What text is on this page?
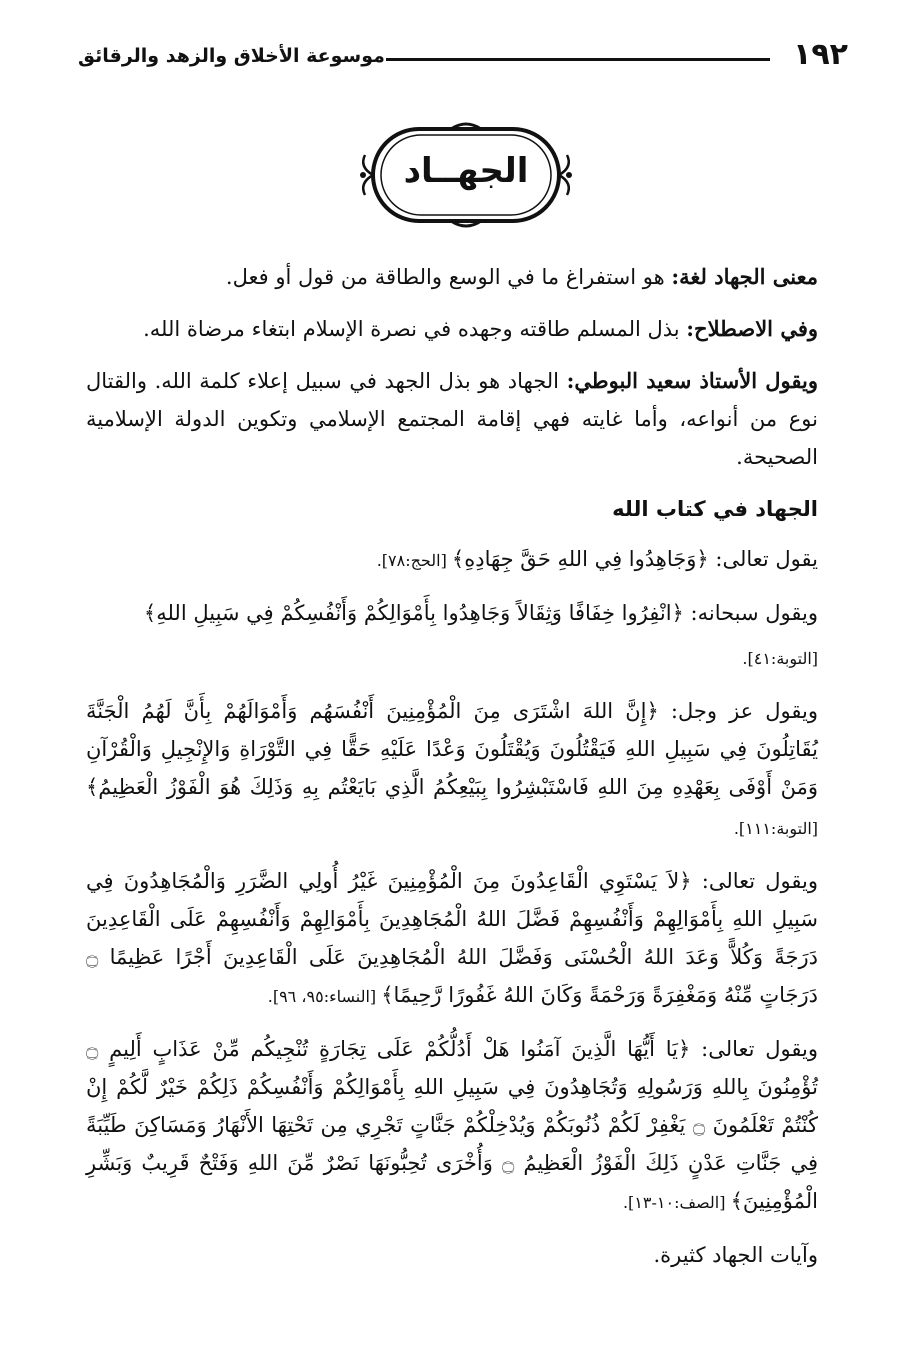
١٩٢
موسوعة الأخلاق والزهد والرقائق
الجهــاد

معنى الجهاد لغة: هو استفراغ ما في الوسع والطاقة من قول أو فعل.

وفي الاصطلاح: بذل المسلم طاقته وجهده في نصرة الإسلام ابتغاء مرضاة الله.

ويقول الأستاذ سعيد البوطي: الجهاد هو بذل الجهد في سبيل إعلاء كلمة الله. والقتال نوع من أنواعه، وأما غايته فهي إقامة المجتمع الإسلامي وتكوين الدولة الإسلامية الصحيحة.

الجهاد في كتاب الله

يقول تعالى: ﴿وَجَاهِدُوا فِي اللهِ حَقَّ جِهَادِهِ﴾ [الحج:٧٨].

ويقول سبحانه: ﴿انْفِرُوا خِفَافًا وَثِقَالاً وَجَاهِدُوا بِأَمْوَالِكُمْ وَأَنْفُسِكُمْ فِي سَبِيلِ اللهِ﴾

[التوبة:٤١].

ويقول عز وجل: ﴿إِنَّ اللهَ اشْتَرَى مِنَ الْمُؤْمِنِينَ أَنْفُسَهُم وَأَمْوَالَهُمْ بِأَنَّ لَهُمُ الْجَنَّةَ يُقَاتِلُونَ فِي سَبِيلِ اللهِ فَيَقْتُلُونَ وَيُقْتَلُونَ وَعْدًا عَلَيْهِ حَقًّا فِي التَّوْرَاةِ وَالإِنْجِيلِ وَالْقُرْآنِ وَمَنْ أَوْفَى بِعَهْدِهِ مِنَ اللهِ فَاسْتَبْشِرُوا بِبَيْعِكُمُ الَّذِي بَايَعْتُم بِهِ وَذَلِكَ هُوَ الْفَوْزُ الْعَظِيمُ﴾ [التوبة:١١١].

ويقول تعالى: ﴿لاَ يَسْتَوِي الْقَاعِدُونَ مِنَ الْمُؤْمِنِينَ غَيْرُ أُولِي الضَّرَرِ وَالْمُجَاهِدُونَ فِي سَبِيلِ اللهِ بِأَمْوَالِهِمْ وَأَنْفُسِهِمْ فَضَّلَ اللهُ الْمُجَاهِدِينَ بِأَمْوَالِهِمْ وَأَنْفُسِهِمْ عَلَى الْقَاعِدِينَ دَرَجَةً وَكُلاًّ وَعَدَ اللهُ الْحُسْنَى وَفَضَّلَ اللهُ الْمُجَاهِدِينَ عَلَى الْقَاعِدِينَ أَجْرًا عَظِيمًا ۝ دَرَجَاتٍ مِّنْهُ وَمَغْفِرَةً وَرَحْمَةً وَكَانَ اللهُ غَفُورًا رَّحِيمًا﴾ [النساء:٩٥، ٩٦].

ويقول تعالى: ﴿يَا أَيُّهَا الَّذِينَ آمَنُوا هَلْ أَدُلُّكُمْ عَلَى تِجَارَةٍ تُنْجِيكُم مِّنْ عَذَابٍ أَلِيمٍ ۝ تُؤْمِنُونَ بِاللهِ وَرَسُولِهِ وَتُجَاهِدُونَ فِي سَبِيلِ اللهِ بِأَمْوَالِكُمْ وَأَنْفُسِكُمْ ذَلِكُمْ خَيْرٌ لَّكُمْ إِنْ كُنْتُمْ تَعْلَمُونَ ۝ يَغْفِرْ لَكُمْ ذُنُوبَكُمْ وَيُدْخِلْكُمْ جَنَّاتٍ تَجْرِي مِن تَحْتِهَا الأَنْهَارُ وَمَسَاكِنَ طَيِّبَةً فِي جَنَّاتِ عَدْنٍ ذَلِكَ الْفَوْزُ الْعَظِيمُ ۝ وَأُخْرَى تُحِبُّونَهَا نَصْرٌ مِّنَ اللهِ وَفَتْحٌ قَرِيبٌ وَبَشِّرِ الْمُؤْمِنِينَ﴾ [الصف:١٠-١٣].

وآيات الجهاد كثيرة.
